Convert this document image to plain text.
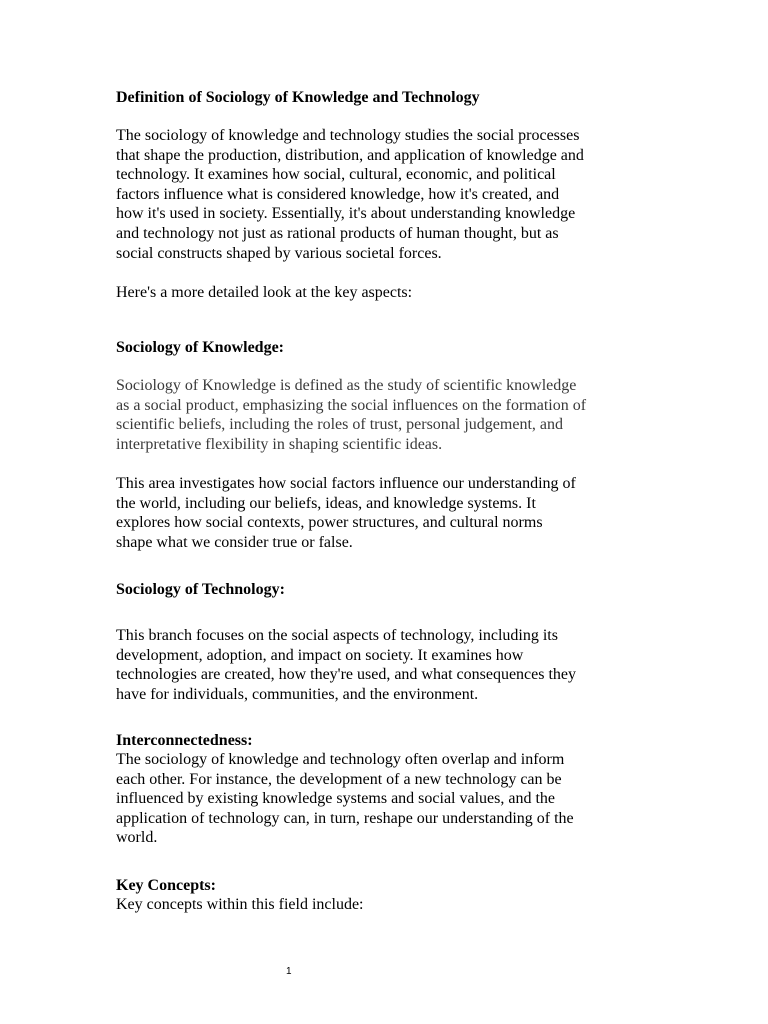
Definition of Sociology of Knowledge and Technology

The sociology of knowledge and technology studies the social processes
that shape the production, distribution, and application of knowledge and
technology. It examines how social, cultural, economic, and political
factors influence what is considered knowledge, how it's created, and
how it's used in society. Essentially, it's about understanding knowledge
and technology not just as rational products of human thought, but as
social constructs shaped by various societal forces.

Here's a more detailed look at the key aspects:

Sociology of Knowledge:

Sociology of Knowledge is defined as the study of scientific knowledge
as a social product, emphasizing the social influences on the formation of
scientific beliefs, including the roles of trust, personal judgement, and
interpretative flexibility in shaping scientific ideas.

This area investigates how social factors influence our understanding of
the world, including our beliefs, ideas, and knowledge systems. It
explores how social contexts, power structures, and cultural norms
shape what we consider true or false.

Sociology of Technology:

This branch focuses on the social aspects of technology, including its
development, adoption, and impact on society. It examines how
technologies are created, how they're used, and what consequences they
have for individuals, communities, and the environment.

Interconnectedness:

The sociology of knowledge and technology often overlap and inform
each other. For instance, the development of a new technology can be
influenced by existing knowledge systems and social values, and the
application of technology can, in turn, reshape our understanding of the
world.

Key Concepts:

Key concepts within this field include:

1
